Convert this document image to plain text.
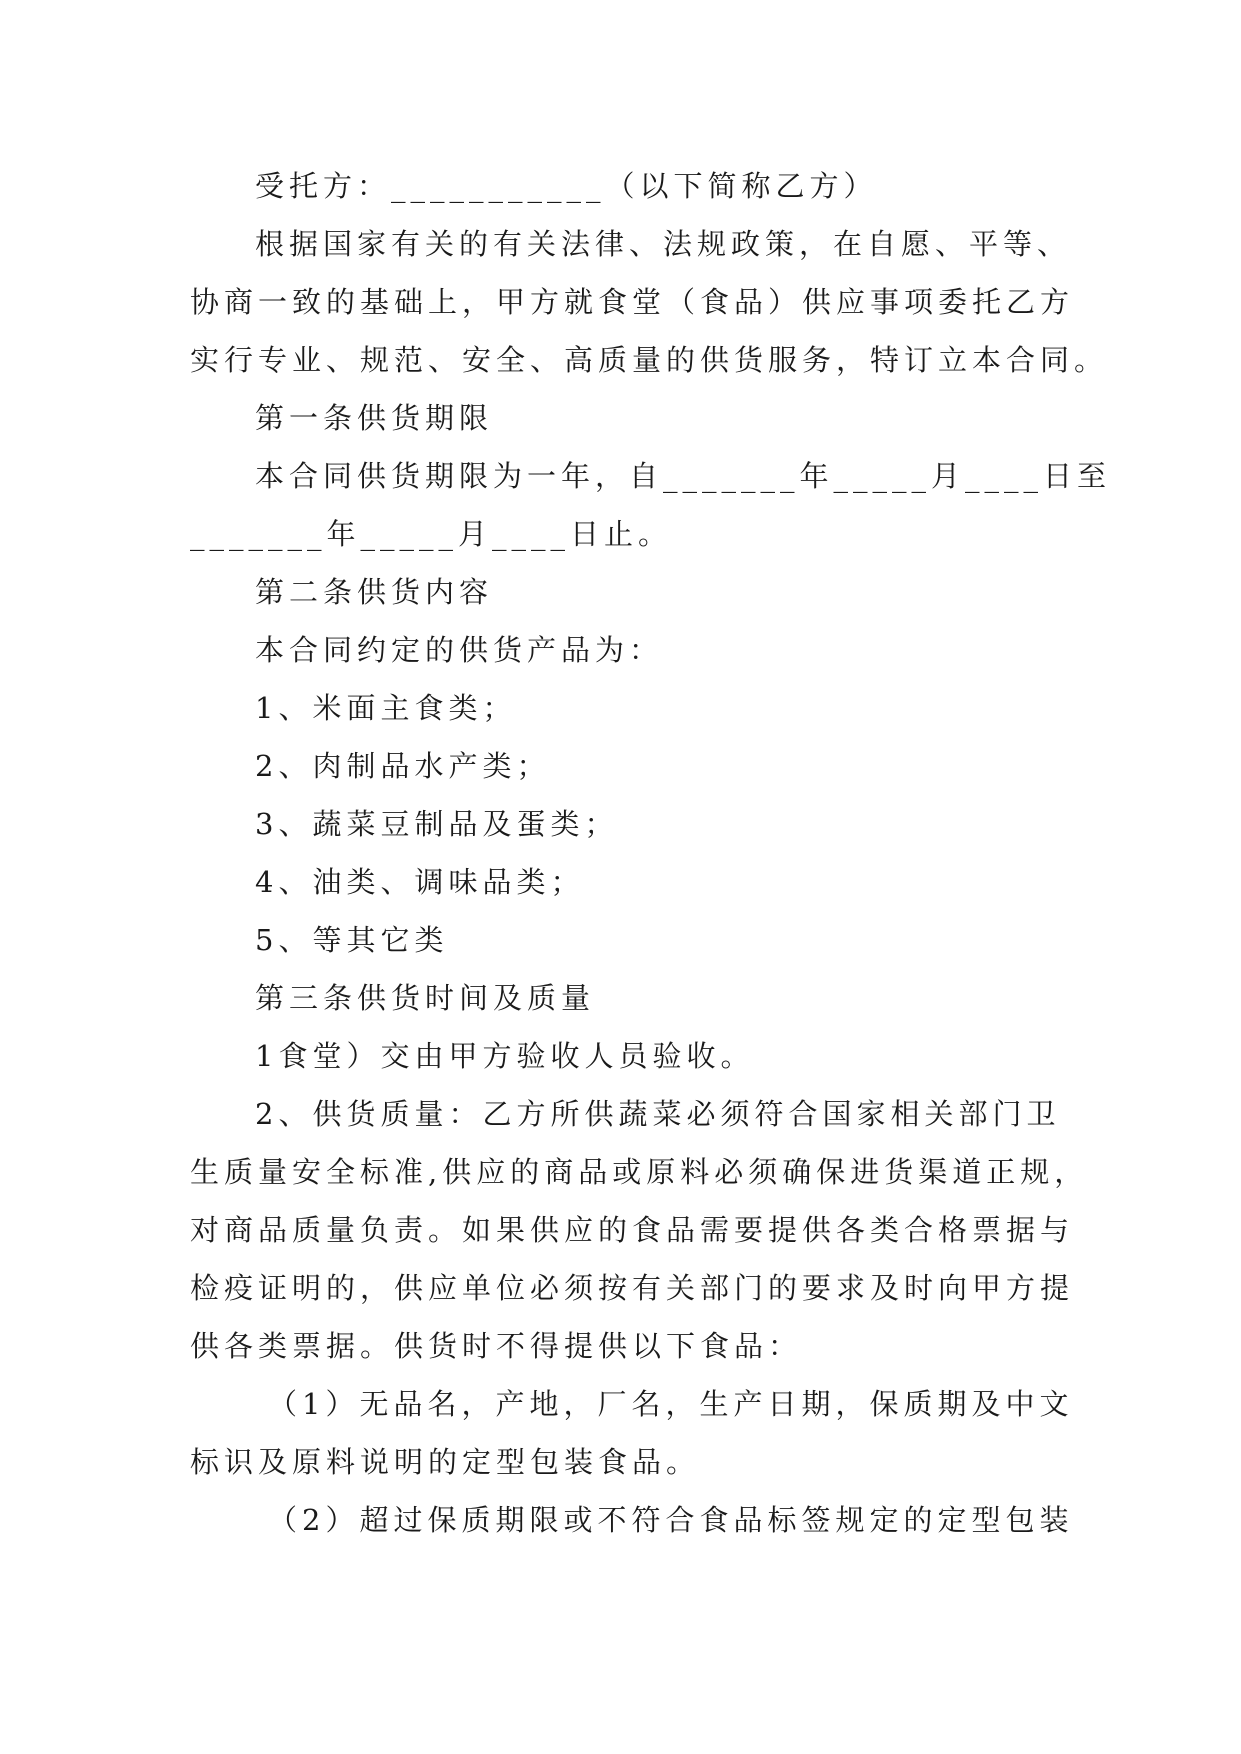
受托方：___________（以下简称乙方）
根据国家有关的有关法律、法规政策，在自愿、平等、
协商一致的基础上，甲方就食堂（食品）供应事项委托乙方
实行专业、规范、安全、高质量的供货服务，特订立本合同。
第一条供货期限
本合同供货期限为一年，自_______年_____月____日至
_______年_____月____日止。
第二条供货内容
本合同约定的供货产品为：
1、米面主食类；
2、肉制品水产类；
3、蔬菜豆制品及蛋类；
4、油类、调味品类；
5、等其它类
第三条供货时间及质量
1食堂）交由甲方验收人员验收。
2、供货质量：乙方所供蔬菜必须符合国家相关部门卫
生质量安全标准,供应的商品或原料必须确保进货渠道正规，
对商品质量负责。如果供应的食品需要提供各类合格票据与
检疫证明的，供应单位必须按有关部门的要求及时向甲方提
供各类票据。供货时不得提供以下食品：
（1）无品名，产地，厂名，生产日期，保质期及中文
标识及原料说明的定型包装食品。
（2）超过保质期限或不符合食品标签规定的定型包装
